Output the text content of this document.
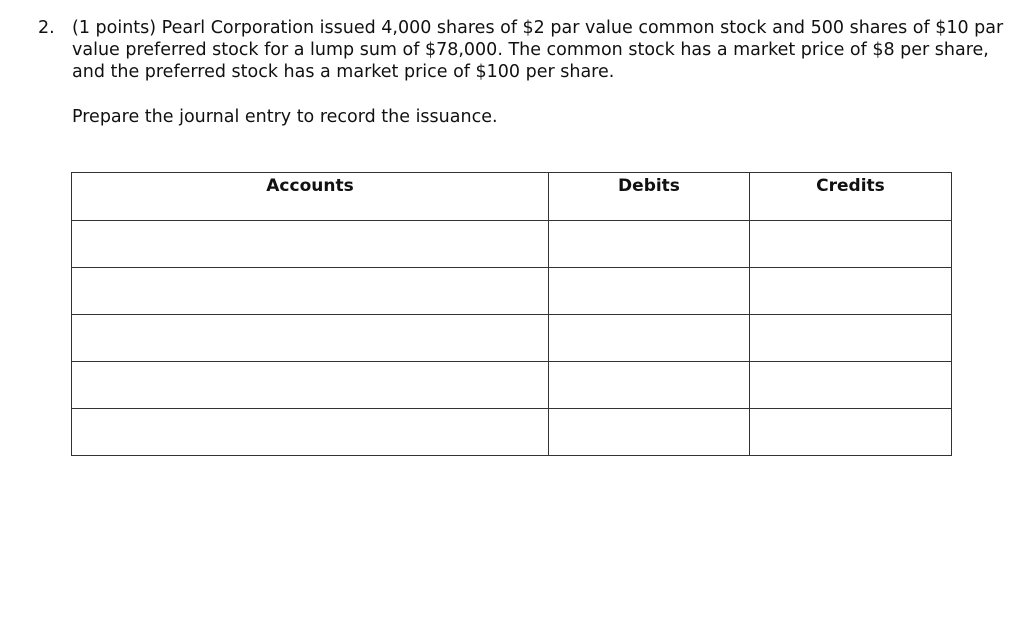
2. (1 points) Pearl Corporation issued 4,000 shares of $2 par value common stock and 500 shares of $10 par value preferred stock for a lump sum of $78,000. The common stock has a market price of $8 per share, and the preferred stock has a market price of $100 per share.
Prepare the journal entry to record the issuance.
Accounts	Debits	Credits
